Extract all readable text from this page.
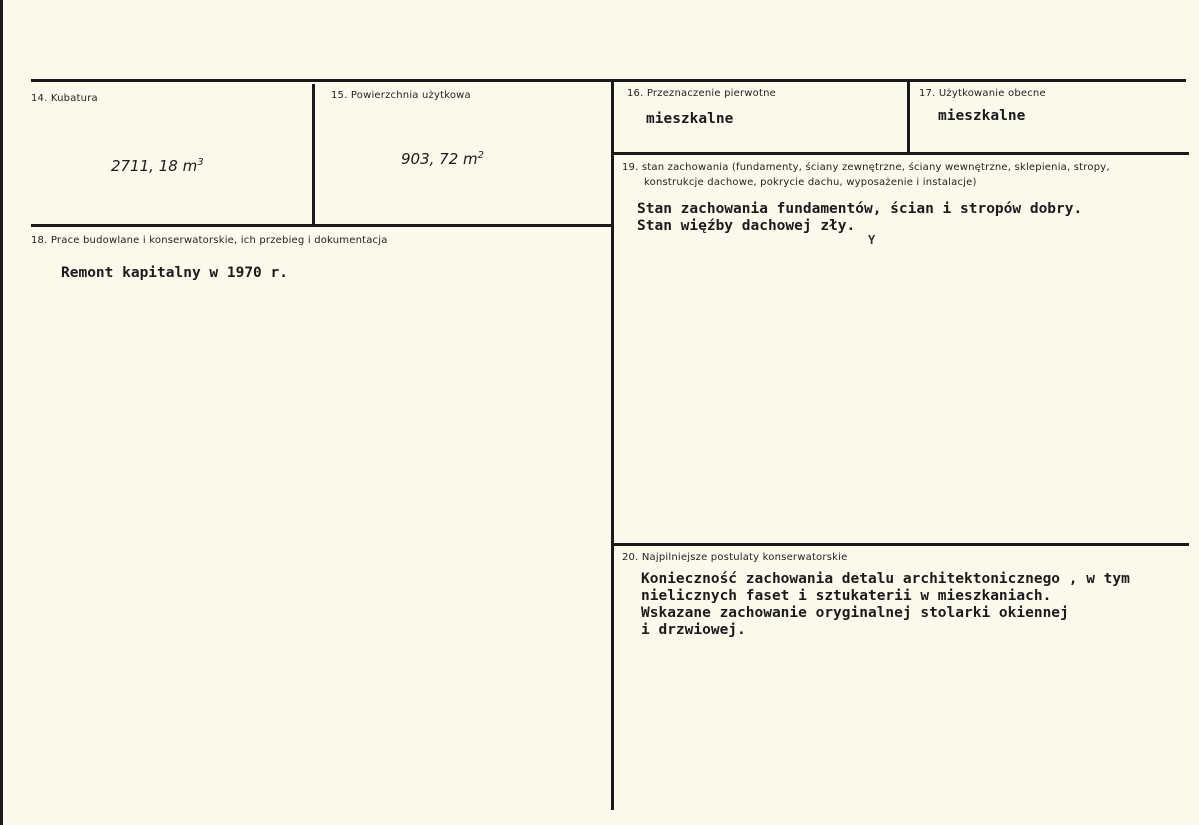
14. Kubatura
2711, 18 $m^3$
15. Powierzchnia użytkowa
903, 72 $m^2$
16. Przeznaczenie pierwotne
mieszkalne
17. Użytkowanie obecne
mieszkalne
18. Prace budowlane i konserwatorskie, ich przebieg i dokumentacja
Remont kapitalny w 1970 r.
19. stan zachowania (fundamenty, ściany zewnętrzne, ściany wewnętrzne, sklepienia, stropy,
konstrukcje dachowe, pokrycie dachu, wyposażenie i instalacje)
Stan zachowania fundamentów, ścian i stropów dobry.
Stan więźby dachowej zły.
Y
20. Najpilniejsze postulaty konserwatorskie
Konieczność zachowania detalu architektonicznego , w tym
nielicznych faset i sztukaterii w mieszkaniach.
Wskazane zachowanie oryginalnej stolarki okiennej
i drzwiowej.
